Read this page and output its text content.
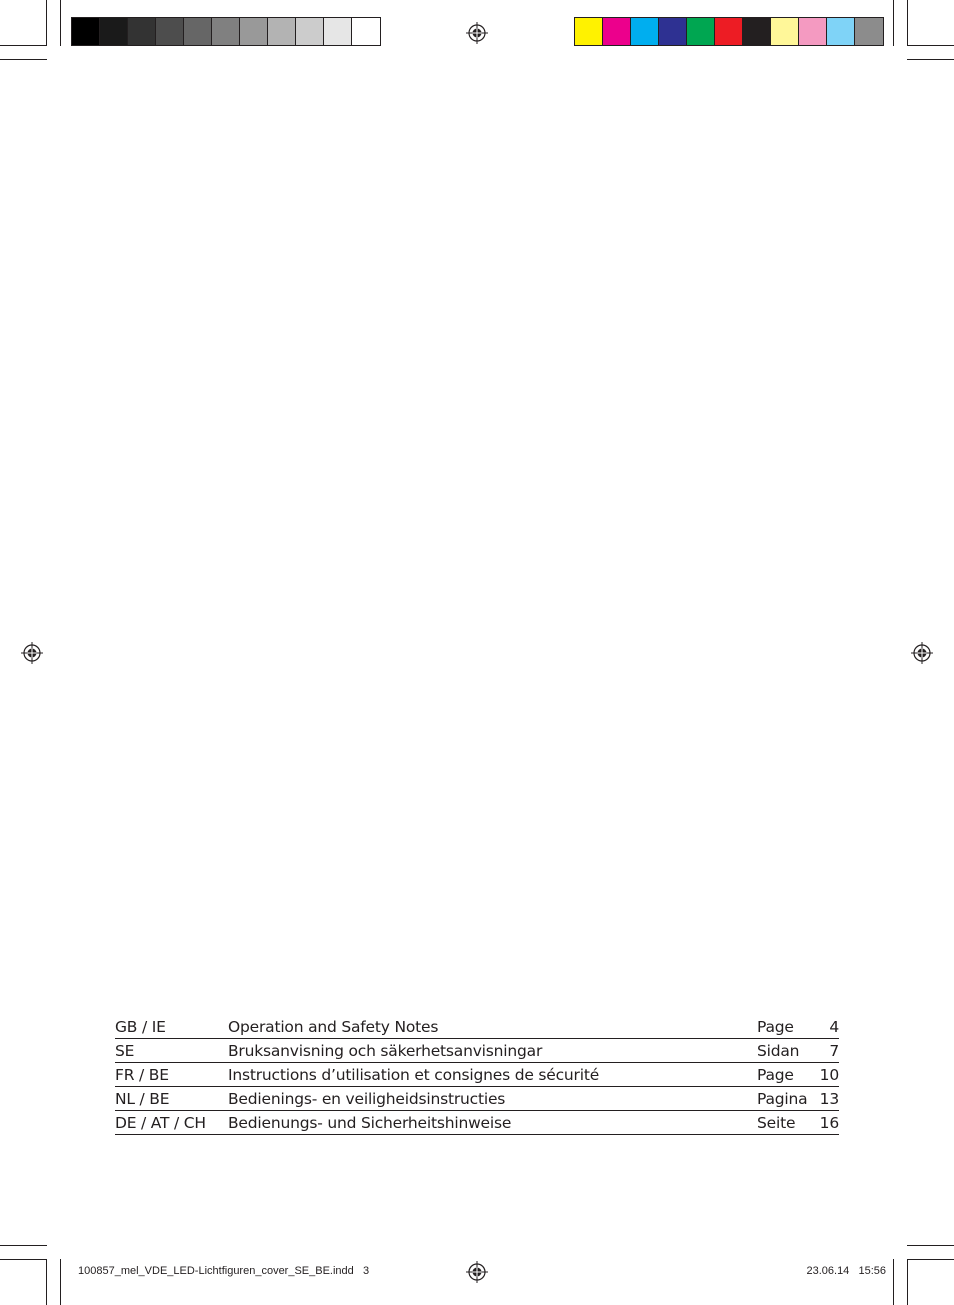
GB / IE	Operation and Safety Notes	Page	4
SE	Bruksanvisning och säkerhetsanvisningar	Sidan	7
FR / BE	Instructions d’utilisation et consignes de sécurité	Page	10
NL / BE	Bedienings- en veiligheidsinstructies	Pagina 13
DE / AT / CH	Bedienungs- und Sicherheitshinweise	Seite	16
100857_mel_VDE_LED-Lichtfiguren_cover_SE_BE.indd   3	23.06.14   15:56
